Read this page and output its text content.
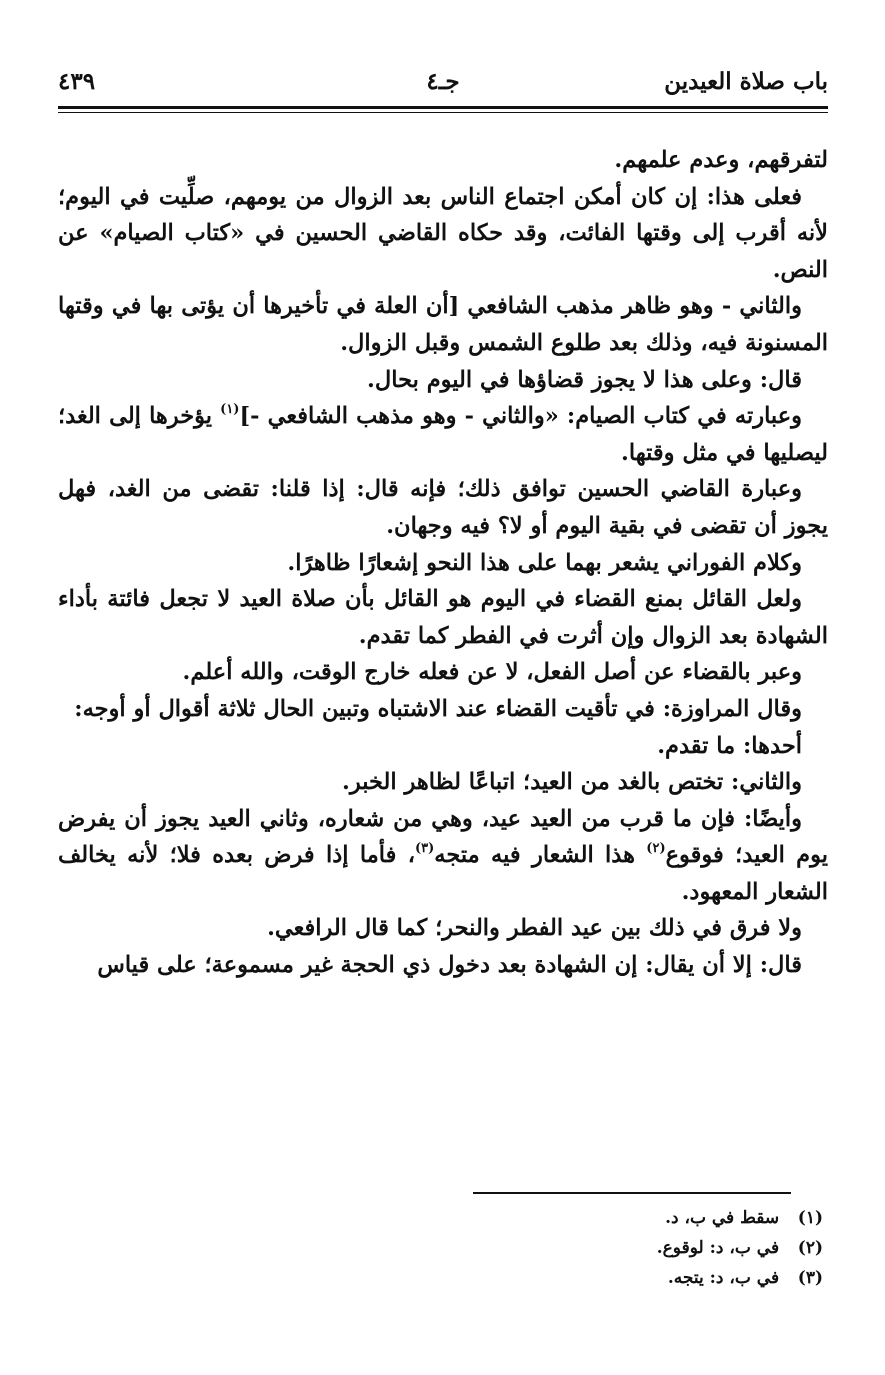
باب صلاة العيدين
جـ٤
٤٣٩

لتفرقهم، وعدم علمهم.

فعلى هذا: إن كان أمكن اجتماع الناس بعد الزوال من يومهم، صلِّيت في اليوم؛ لأنه أقرب إلى وقتها الفائت، وقد حكاه القاضي الحسين في «كتاب الصيام» عن النص.

والثاني - وهو ظاهر مذهب الشافعي [أن العلة في تأخيرها أن يؤتى بها في وقتها المسنونة فيه، وذلك بعد طلوع الشمس وقبل الزوال.

قال: وعلى هذا لا يجوز قضاؤها في اليوم بحال.

وعبارته في كتاب الصيام: «والثاني - وهو مذهب الشافعي -]$^{(١)}$ يؤخرها إلى الغد؛ ليصليها في مثل وقتها.

وعبارة القاضي الحسين توافق ذلك؛ فإنه قال: إذا قلنا: تقضى من الغد، فهل يجوز أن تقضى في بقية اليوم أو لا؟ فيه وجهان.

وكلام الفوراني يشعر بهما على هذا النحو إشعارًا ظاهرًا.

ولعل القائل بمنع القضاء في اليوم هو القائل بأن صلاة العيد لا تجعل فائتة بأداء الشهادة بعد الزوال وإن أثرت في الفطر كما تقدم.

وعبر بالقضاء عن أصل الفعل، لا عن فعله خارج الوقت، والله أعلم.

وقال المراوزة: في تأقيت القضاء عند الاشتباه وتبين الحال ثلاثة أقوال أو أوجه:

أحدها: ما تقدم.

والثاني: تختص بالغد من العيد؛ اتباعًا لظاهر الخبر.

وأيضًا: فإن ما قرب من العيد عيد، وهي من شعاره، وثاني العيد يجوز أن يفرض يوم العيد؛ فوقوع$^{(٢)}$ هذا الشعار فيه متجه$^{(٣)}$، فأما إذا فرض بعده فلا؛ لأنه يخالف الشعار المعهود.

ولا فرق في ذلك بين عيد الفطر والنحر؛ كما قال الرافعي.

قال: إلا أن يقال: إن الشهادة بعد دخول ذي الحجة غير مسموعة؛ على قياس

(١) سقط في ب، د.
(٢) في ب، د: لوقوع.
(٣) في ب، د: يتجه.
